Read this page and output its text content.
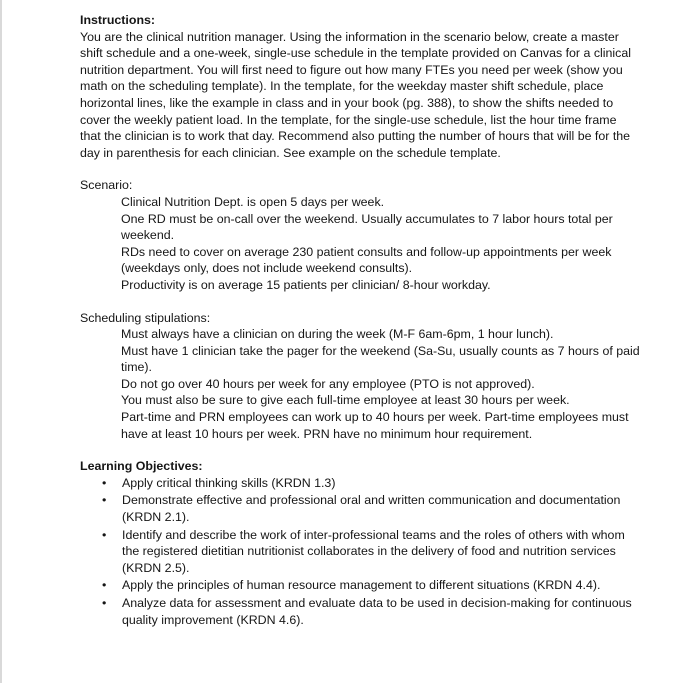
Instructions:

You are the clinical nutrition manager. Using the information in the scenario below, create a master shift schedule and a one-week, single-use schedule in the template provided on Canvas for a clinical nutrition department. You will first need to figure out how many FTEs you need per week (show you math on the scheduling template). In the template, for the weekday master shift schedule, place horizontal lines, like the example in class and in your book (pg. 388), to show the shifts needed to cover the weekly patient load. In the template, for the single-use schedule, list the hour time frame that the clinician is to work that day. Recommend also putting the number of hours that will be for the day in parenthesis for each clinician. See example on the schedule template.

Scenario:

Clinical Nutrition Dept. is open 5 days per week.

One RD must be on-call over the weekend. Usually accumulates to 7 labor hours total per weekend.

RDs need to cover on average 230 patient consults and follow-up appointments per week (weekdays only, does not include weekend consults).

Productivity is on average 15 patients per clinician/ 8-hour workday.

Scheduling stipulations:

Must always have a clinician on during the week (M-F 6am-6pm, 1 hour lunch).

Must have 1 clinician take the pager for the weekend (Sa-Su, usually counts as 7 hours of paid time).

Do not go over 40 hours per week for any employee (PTO is not approved).

You must also be sure to give each full-time employee at least 30 hours per week.

Part-time and PRN employees can work up to 40 hours per week. Part-time employees must have at least 10 hours per week. PRN have no minimum hour requirement.

Learning Objectives:

• Apply critical thinking skills (KRDN 1.3)
• Demonstrate effective and professional oral and written communication and documentation (KRDN 2.1).
• Identify and describe the work of inter-professional teams and the roles of others with whom the registered dietitian nutritionist collaborates in the delivery of food and nutrition services (KRDN 2.5).
• Apply the principles of human resource management to different situations (KRDN 4.4).
• Analyze data for assessment and evaluate data to be used in decision-making for continuous quality improvement (KRDN 4.6).
